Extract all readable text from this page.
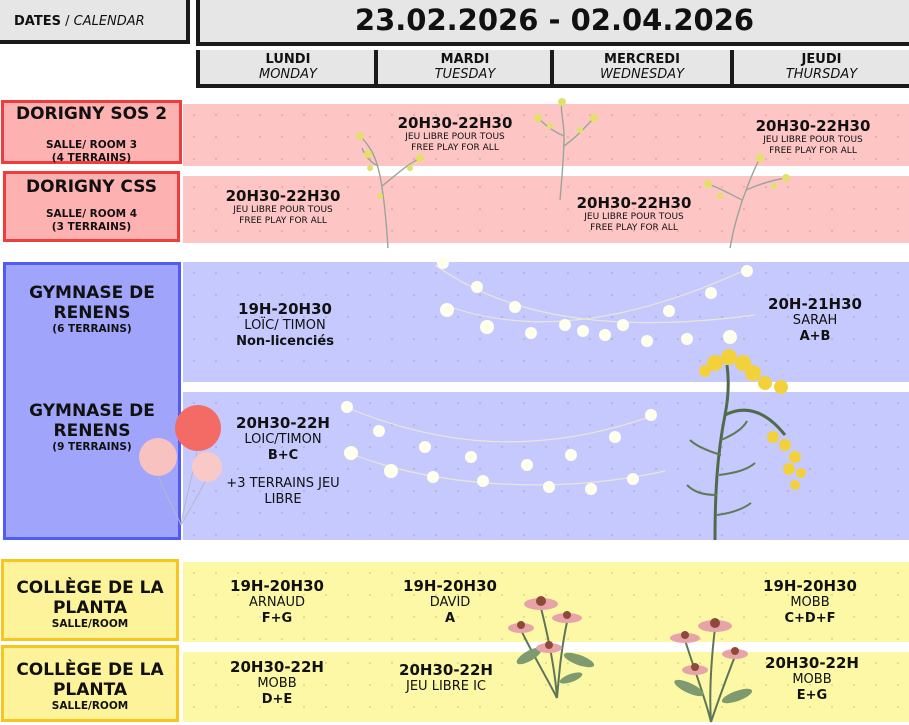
DATES / CALENDAR	23.02.2026 - 02.04.2026
LUNDI
MONDAY
MARDI
TUESDAY
MERCREDI
WEDNESDAY
JEUDI
THURSDAY
DORIGNY SOS 2
SALLE/ ROOM 3
(4 TERRAINS)
DORIGNY CSS
SALLE/ ROOM 4
(3 TERRAINS)
GYMNASE DE RENENS
(6 TERRAINS)
GYMNASE DE RENENS
(9 TERRAINS)
COLLÈGE DE LA PLANTA
SALLE/ROOM
COLLÈGE DE LA PLANTA
SALLE/ROOM
20H30-22H30
JEU LIBRE POUR TOUS
FREE PLAY FOR ALL
20H30-22H30
JEU LIBRE POUR TOUS
FREE PLAY FOR ALL
20H30-22H30
JEU LIBRE POUR TOUS
FREE PLAY FOR ALL
20H30-22H30
JEU LIBRE POUR TOUS
FREE PLAY FOR ALL
19H-20H30
LOÏC/ TIMON
Non-licenciés
20H-21H30
SARAH
A+B
20H30-22H
LOIC/TIMON
B+C
+3 TERRAINS JEU LIBRE
19H-20H30
ARNAUD
F+G
19H-20H30
DAVID
A
19H-20H30
MOBB
C+D+F
20H30-22H
MOBB
D+E
20H30-22H
JEU LIBRE IC
20H30-22H
MOBB
E+G
